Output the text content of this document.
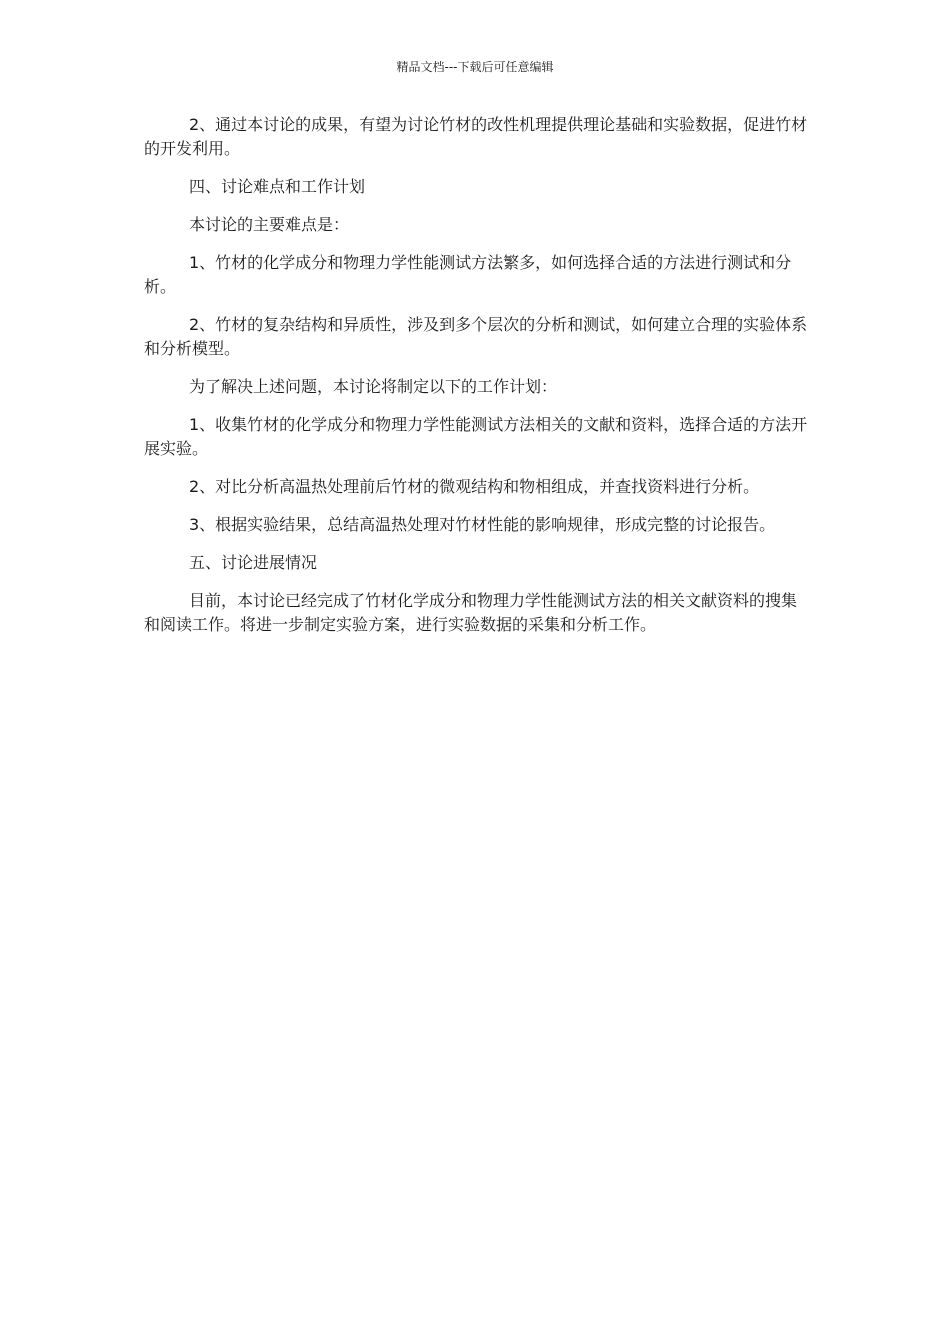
精品文档---下载后可任意编辑

2、通过本讨论的成果，有望为讨论竹材的改性机理提供理论基础和实验数据，促进竹材的开发利用。

四、讨论难点和工作计划

本讨论的主要难点是：

1、竹材的化学成分和物理力学性能测试方法繁多，如何选择合适的方法进行测试和分析。

2、竹材的复杂结构和异质性，涉及到多个层次的分析和测试，如何建立合理的实验体系和分析模型。

为了解决上述问题，本讨论将制定以下的工作计划：

1、收集竹材的化学成分和物理力学性能测试方法相关的文献和资料，选择合适的方法开展实验。

2、对比分析高温热处理前后竹材的微观结构和物相组成，并查找资料进行分析。

3、根据实验结果，总结高温热处理对竹材性能的影响规律，形成完整的讨论报告。

五、讨论进展情况

目前，本讨论已经完成了竹材化学成分和物理力学性能测试方法的相关文献资料的搜集和阅读工作。将进一步制定实验方案，进行实验数据的采集和分析工作。
